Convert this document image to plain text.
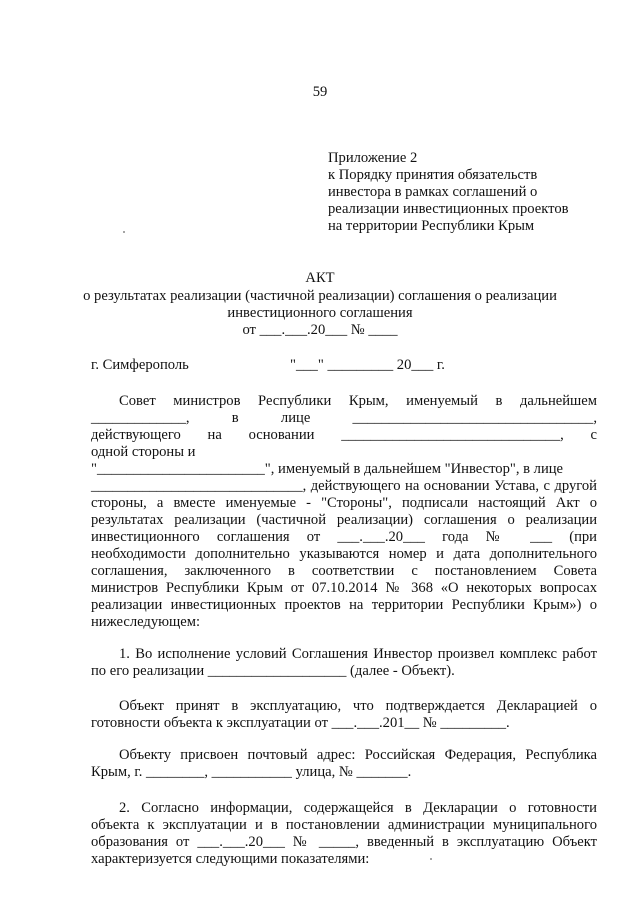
59
Приложение 2
к Порядку принятия обязательств
инвестора в рамках соглашений о
реализации инвестиционных проектов
на территории Республики Крым
АКТ
о результатах реализации (частичной реализации) соглашения о реализации
инвестиционного соглашения
от ___.___.20___ № ____
г. Симферополь	"___" _________ 20___ г.
Совет министров Республики Крым, именуемый в дальнейшем
_____________, в лице _________________________________,
действующего на основании ______________________________, с
одной стороны и
"_______________________", именуемый в дальнейшем "Инвестор", в лице
_____________________________, действующего на основании Устава, с другой
стороны, а вместе именуемые - "Стороны", подписали настоящий Акт о
результатах реализации (частичной реализации) соглашения о реализации
инвестиционного соглашения от ___.___.20___ года № ___ (при
необходимости дополнительно указываются номер и дата дополнительного
соглашения, заключенного в соответствии с постановлением Совета
министров Республики Крым от 07.10.2014 № 368 «О некоторых вопросах
реализации инвестиционных проектов на территории Республики Крым») о
нижеследующем:
1. Во исполнение условий Соглашения Инвестор произвел комплекс работ
по его реализации ___________________ (далее - Объект).
Объект принят в эксплуатацию, что подтверждается Декларацией о
готовности объекта к эксплуатации от ___.___.201__ № _________.
Объекту присвоен почтовый адрес: Российская Федерация, Республика
Крым, г. ________, ___________ улица, № _______.
2. Согласно информации, содержащейся в Декларации о готовности
объекта к эксплуатации и в постановлении администрации муниципального
образования от ___.___.20___ № _____, введенный в эксплуатацию Объект
характеризуется следующими показателями:
